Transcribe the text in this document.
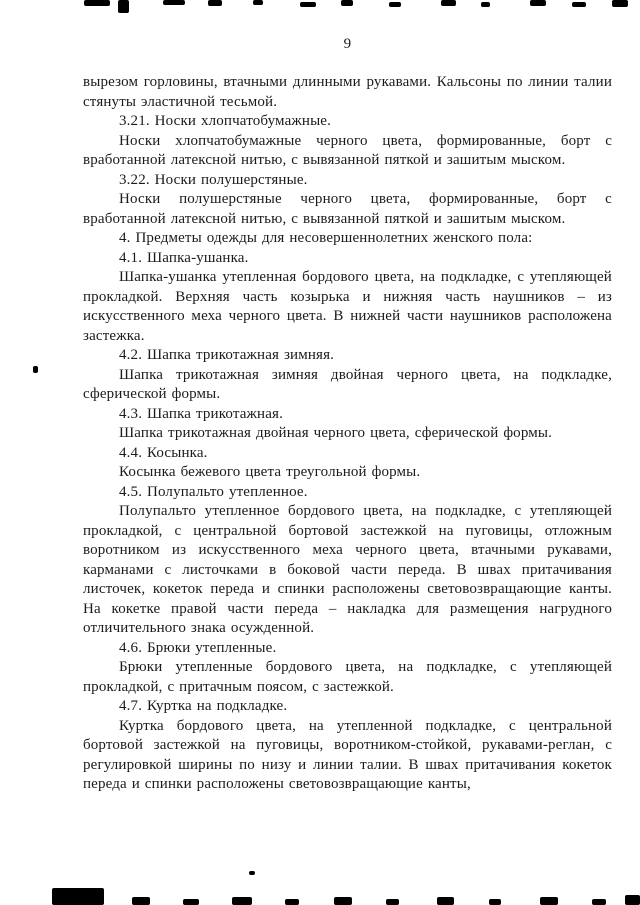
9

вырезом горловины, втачными длинными рукавами. Кальсоны по линии талии стянуты эластичной тесьмой.

3.21. Носки хлопчатобумажные.

Носки хлопчатобумажные черного цвета, формированные, борт с вработанной латексной нитью, с вывязанной пяткой и зашитым мыском.

3.22. Носки полушерстяные.

Носки полушерстяные черного цвета, формированные, борт с вработанной латексной нитью, с вывязанной пяткой и зашитым мыском.

4. Предметы одежды для несовершеннолетних женского пола:

4.1. Шапка-ушанка.

Шапка-ушанка утепленная бордового цвета, на подкладке, с утепляющей прокладкой. Верхняя часть козырька и нижняя часть наушников – из искусственного меха черного цвета. В нижней части наушников расположена застежка.

4.2. Шапка трикотажная зимняя.

Шапка трикотажная зимняя двойная черного цвета, на подкладке, сферической формы.

4.3. Шапка трикотажная.

Шапка трикотажная двойная черного цвета, сферической формы.

4.4. Косынка.

Косынка бежевого цвета треугольной формы.

4.5. Полупальто утепленное.

Полупальто утепленное бордового цвета, на подкладке, с утепляющей прокладкой, с центральной бортовой застежкой на пуговицы, отложным воротником из искусственного меха черного цвета, втачными рукавами, карманами с листочками в боковой части переда. В швах притачивания листочек, кокеток переда и спинки расположены световозвращающие канты. На кокетке правой части переда – накладка для размещения нагрудного отличительного знака осужденной.

4.6. Брюки утепленные.

Брюки утепленные бордового цвета, на подкладке, с утепляющей прокладкой, с притачным поясом, с застежкой.

4.7. Куртка на подкладке.

Куртка бордового цвета, на утепленной подкладке, с центральной бортовой застежкой на пуговицы, воротником-стойкой, рукавами-реглан, с регулировкой ширины по низу и линии талии. В швах притачивания кокеток переда и спинки расположены световозвращающие канты,
